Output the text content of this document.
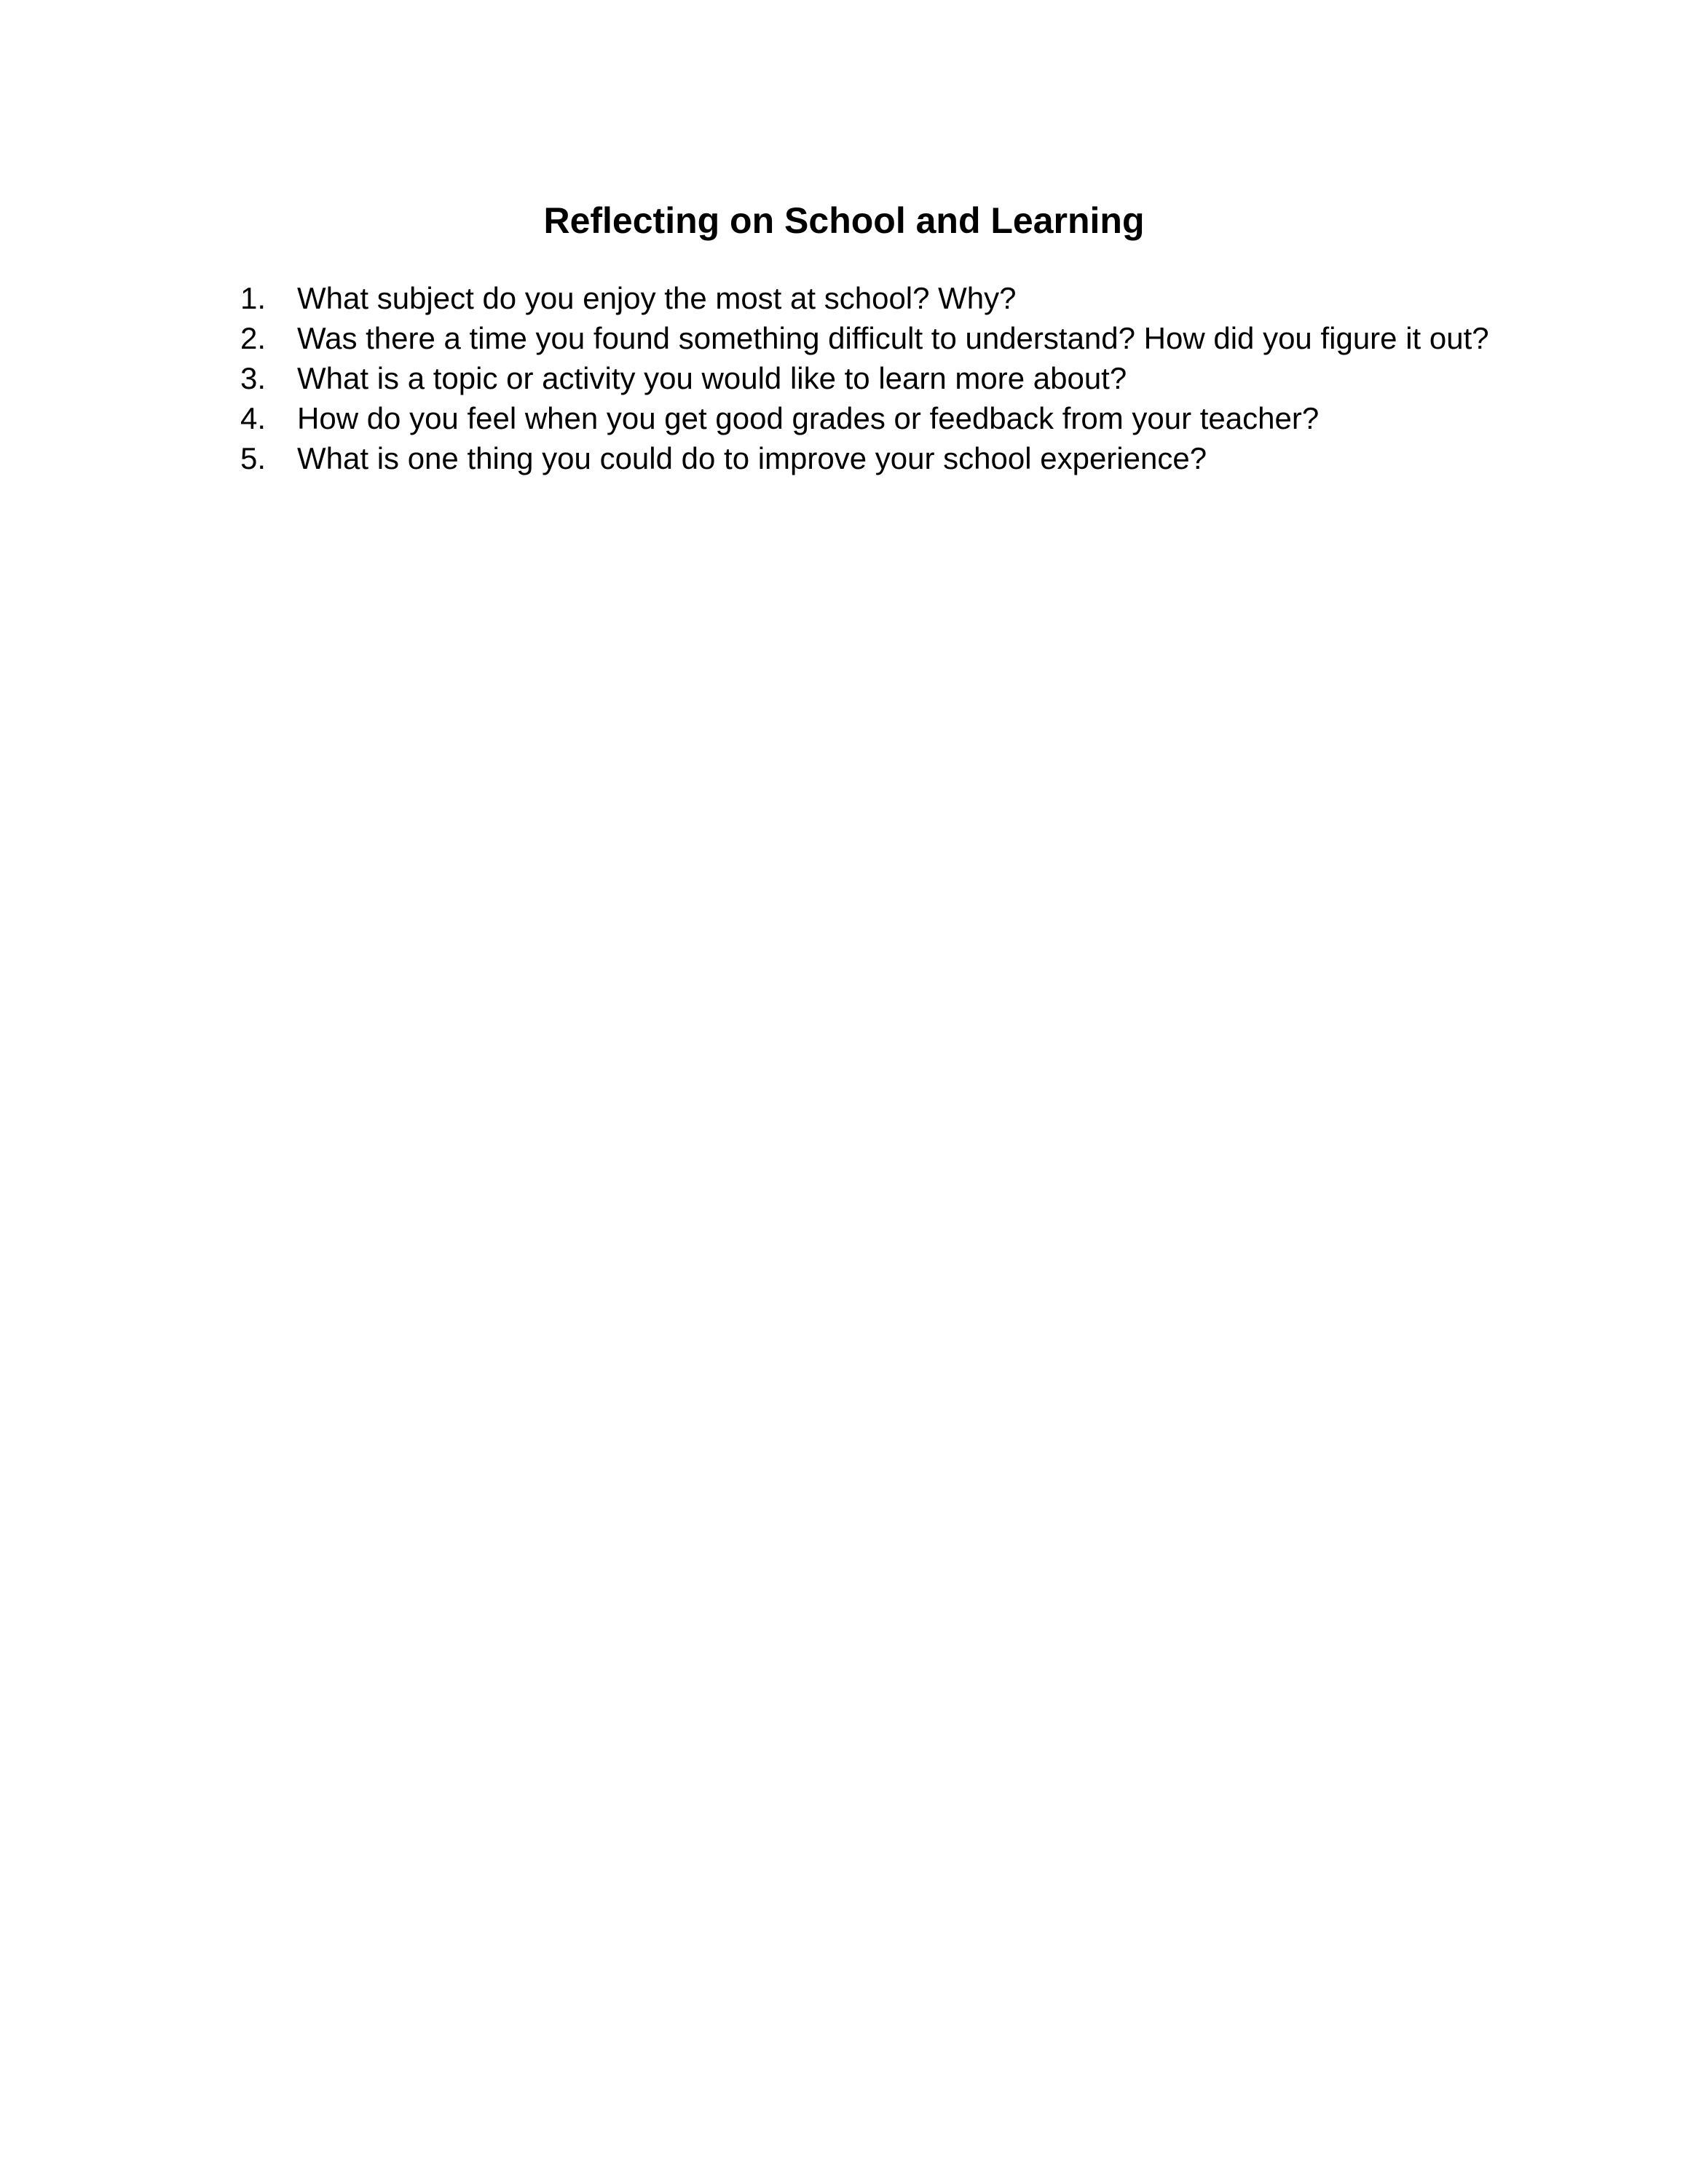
Reflecting on School and Learning
1.	What subject do you enjoy the most at school? Why?
2.	Was there a time you found something difficult to understand? How did you figure it out?
3.	What is a topic or activity you would like to learn more about?
4.	How do you feel when you get good grades or feedback from your teacher?
5.	What is one thing you could do to improve your school experience?
